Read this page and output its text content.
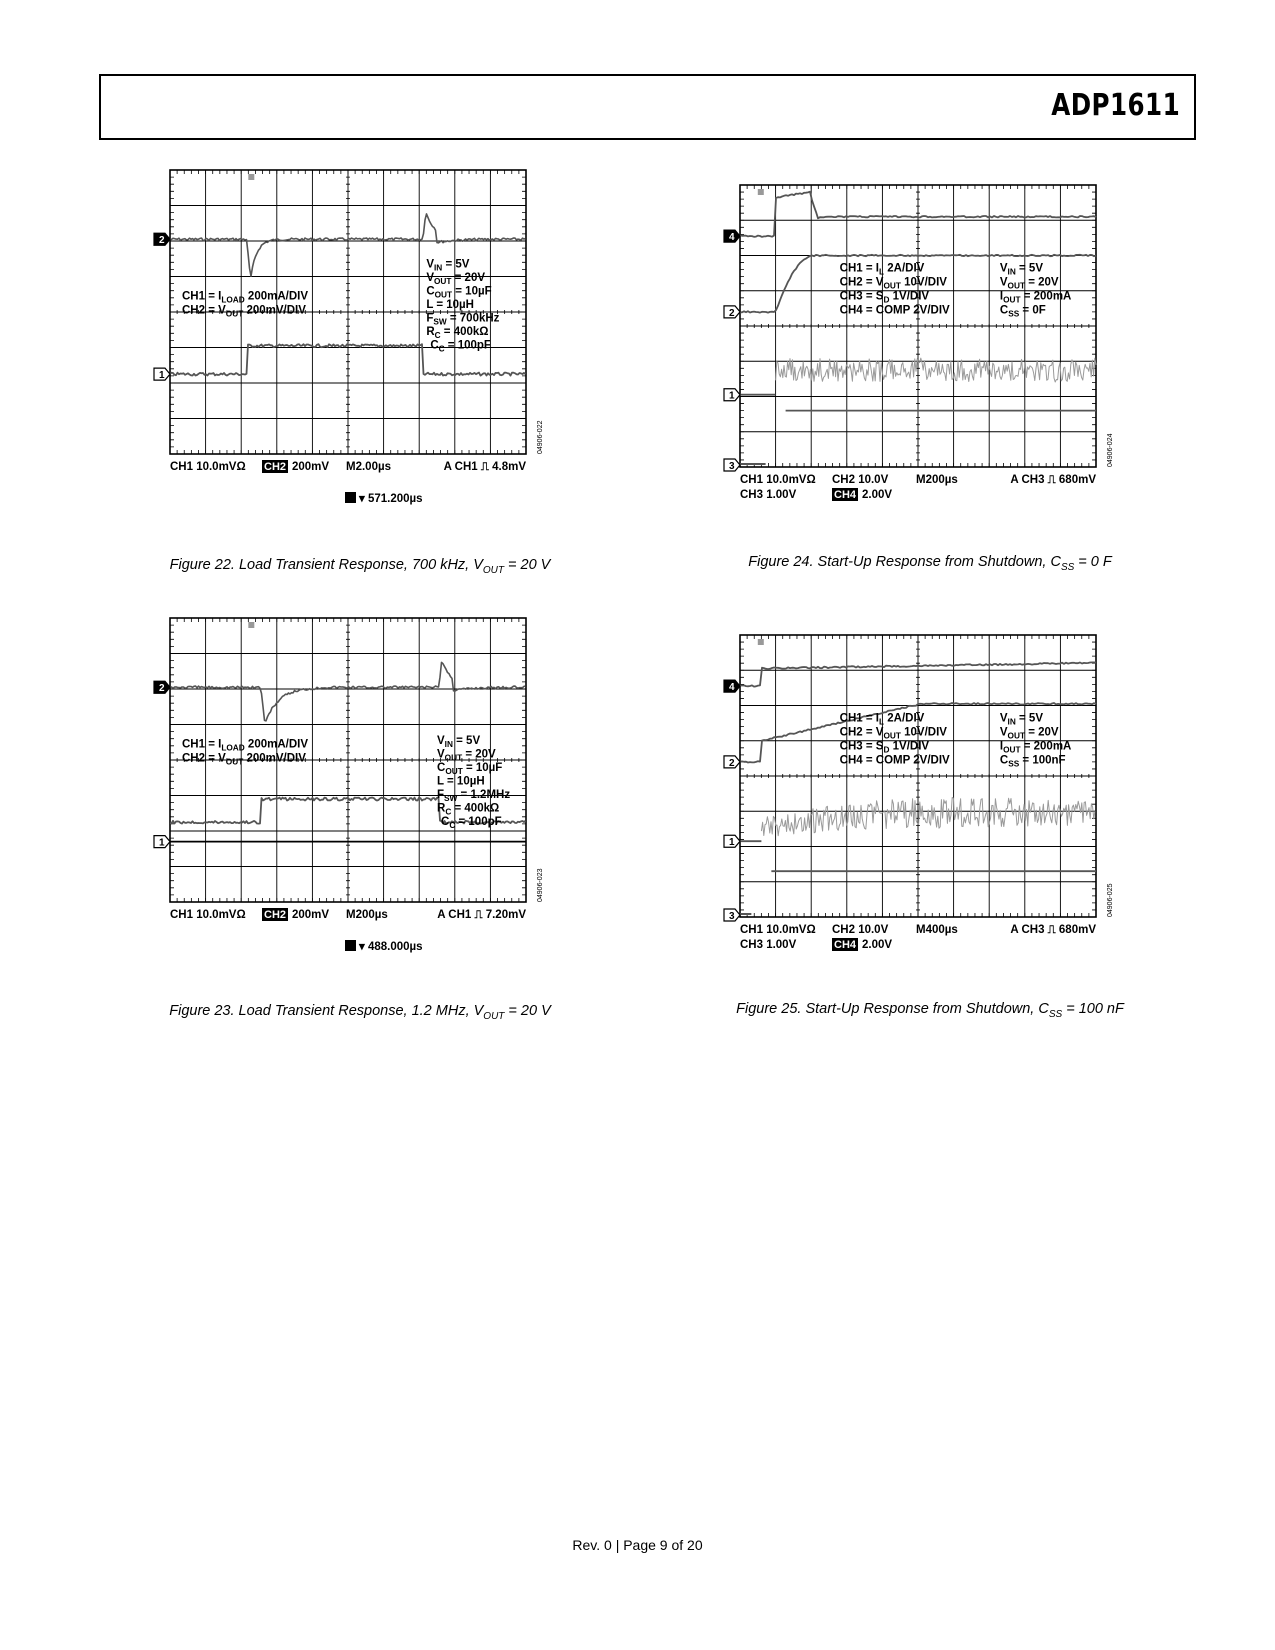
ADP1611
2
1
$CH1 = I_{LOAD}$ 200mA/DIV
$CH2 = V_{OUT}$ 200mV/DIV
$V_{IN} = 5V$
$V_{OUT} = 20V$
$C_{OUT} = 10\mu F$
L = 10µH
$F_{SW} = 700kHz$
$R_C = 400k\Omega$
$C_C = 100pF$
CH1 10.0mVΩ CH2 200mV M2.00µs	A CH1 ⎍ 4.8mV
▾ 571.200µs
04906-022
Figure 22. Load Transient Response, 700 kHz, $V_{OUT} = 20$ V
2
1
$CH1 = I_{LOAD}$ 200mA/DIV
$CH2 = V_{OUT}$ 200mV/DIV
$V_{IN} = 5V$
$V_{OUT} = 20V$
$C_{OUT} = 10\mu F$
L = 10µH
$F_{SW} = 1.2MHz$
$R_C = 400k\Omega$
$C_C = 100pF$
CH1 10.0mVΩ CH2 200mV M200µs	A CH1 ⎍ 7.20mV
▾ 488.000µs
04906-023
Figure 23. Load Transient Response, 1.2 MHz, $V_{OUT} = 20$ V
4
2
1
3
$CH1 = I_L$ 2A/DIV
$CH2 = V_{OUT}$ 10V/DIV
$CH3 = S_D$ 1V/DIV
CH4 = COMP 2V/DIV
$V_{IN} = 5V$
$V_{OUT} = 20V$
$I_{OUT} = 200mA$
$C_{SS} = 0F$
CH1 10.0mVΩ CH2 10.0V M200µs	A CH3 ⎍ 680mV
CH3 1.00V	CH4 2.00V
04906-024
Figure 24. Start-Up Response from Shutdown, $C_{SS} = 0$ F
4
2
1
3
$CH1 = I_L$ 2A/DIV
$CH2 = V_{OUT}$ 10V/DIV
$CH3 = S_D$ 1V/DIV
CH4 = COMP 2V/DIV
$V_{IN} = 5V$
$V_{OUT} = 20V$
$I_{OUT} = 200mA$
$C_{SS} = 100nF$
CH1 10.0mVΩ CH2 10.0V M400µs	A CH3 ⎍ 680mV
CH3 1.00V	CH4 2.00V
04906-025
Figure 25. Start-Up Response from Shutdown, $C_{SS} = 100$ nF
Rev. 0 | Page 9 of 20
